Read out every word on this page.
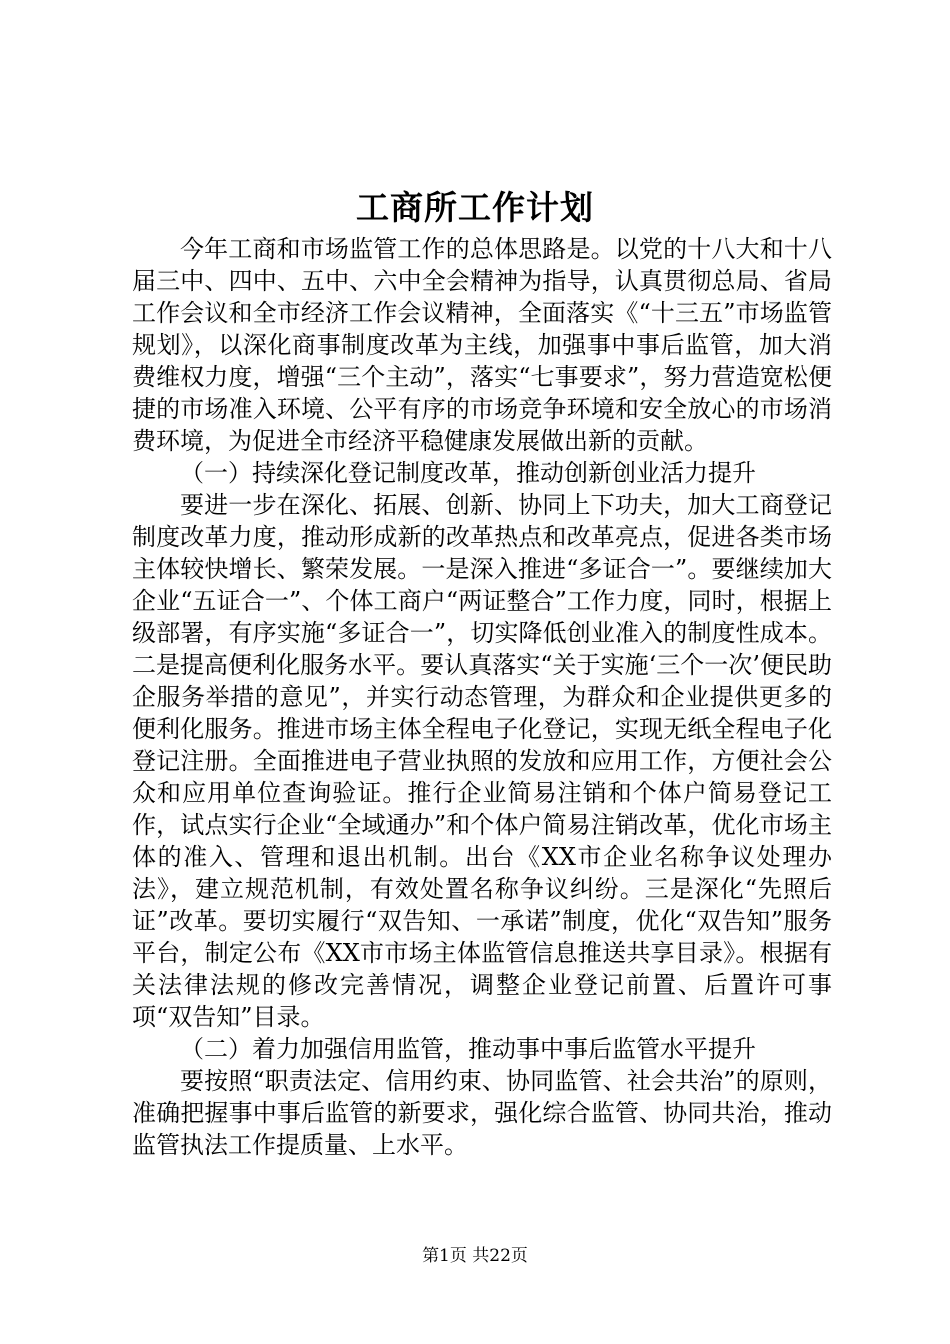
工商所工作计划

今年工商和市场监管工作的总体思路是。以党的十八大和十八届三中、四中、五中、六中全会精神为指导，认真贯彻总局、省局工作会议和全市经济工作会议精神，全面落实《“十三五”市场监管规划》，以深化商事制度改革为主线，加强事中事后监管，加大消费维权力度，增强“三个主动”，落实“七事要求”，努力营造宽松便捷的市场准入环境、公平有序的市场竞争环境和安全放心的市场消费环境，为促进全市经济平稳健康发展做出新的贡献。

（一）持续深化登记制度改革，推动创新创业活力提升

要进一步在深化、拓展、创新、协同上下功夫，加大工商登记制度改革力度，推动形成新的改革热点和改革亮点，促进各类市场主体较快增长、繁荣发展。一是深入推进“多证合一”。要继续加大企业“五证合一”、个体工商户“两证整合”工作力度，同时，根据上级部署，有序实施“多证合一”，切实降低创业准入的制度性成本。二是提高便利化服务水平。要认真落实“关于实施‘三个一次’便民助企服务举措的意见”，并实行动态管理，为群众和企业提供更多的便利化服务。推进市场主体全程电子化登记，实现无纸全程电子化登记注册。全面推进电子营业执照的发放和应用工作，方便社会公众和应用单位查询验证。推行企业简易注销和个体户简易登记工作，试点实行企业“全域通办”和个体户简易注销改革，优化市场主体的准入、管理和退出机制。出台《XX市企业名称争议处理办法》，建立规范机制，有效处置名称争议纠纷。三是深化“先照后证”改革。要切实履行“双告知、一承诺”制度，优化“双告知”服务平台，制定公布《XX市市场主体监管信息推送共享目录》。根据有关法律法规的修改完善情况，调整企业登记前置、后置许可事项“双告知”目录。

（二）着力加强信用监管，推动事中事后监管水平提升

要按照“职责法定、信用约束、协同监管、社会共治”的原则，准确把握事中事后监管的新要求，强化综合监管、协同共治，推动监管执法工作提质量、上水平。

第1页 共22页
